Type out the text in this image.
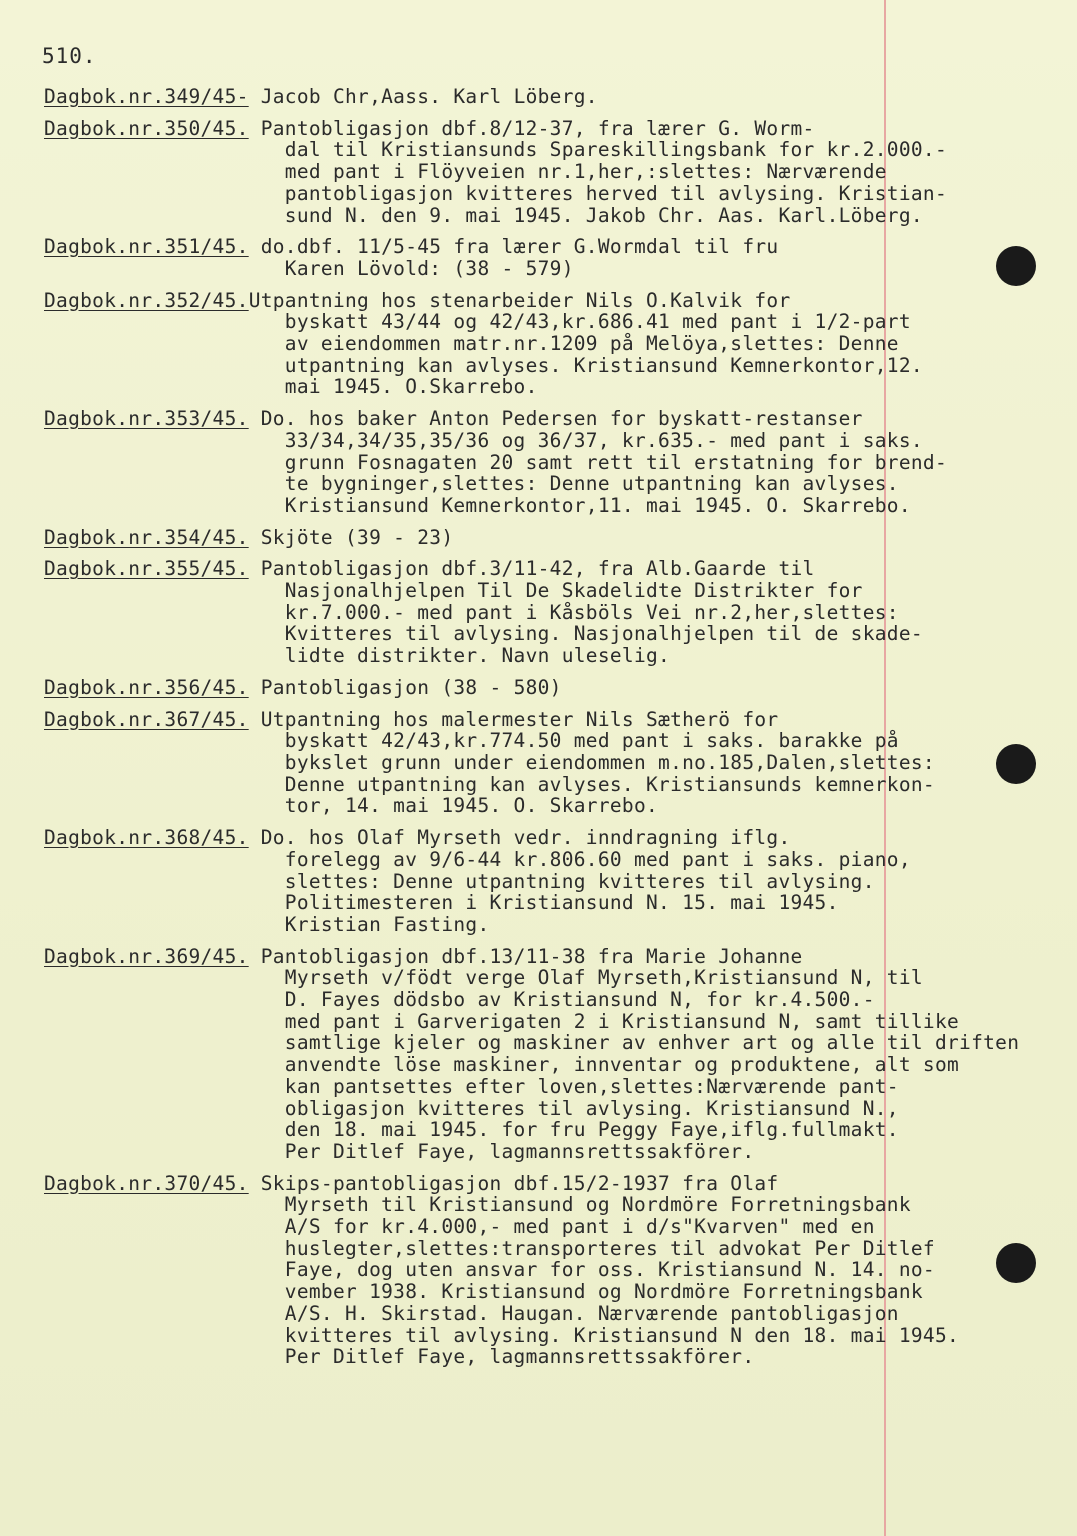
510.
Dagbok.nr.349/45- Jacob Chr,Aass. Karl Löberg.
Dagbok.nr.350/45. Pantobligasjon dbf.8/12-37, fra lærer G. Worm-
dal til Kristiansunds Spareskillingsbank for kr.2.000.-
med pant i Flöyveien nr.1,her,:slettes: Nærværende
pantobligasjon kvitteres herved til avlysing. Kristian-
sund N. den 9. mai 1945. Jakob Chr. Aas. Karl.Löberg.
Dagbok.nr.351/45. do.dbf. 11/5-45 fra lærer G.Wormdal til fru
Karen Lövold: (38 - 579)
Dagbok.nr.352/45.Utpantning hos stenarbeider Nils O.Kalvik for
byskatt 43/44 og 42/43,kr.686.41 med pant i 1/2-part
av eiendommen matr.nr.1209 på Melöya,slettes: Denne
utpantning kan avlyses. Kristiansund Kemnerkontor,12.
mai 1945. O.Skarrebo.
Dagbok.nr.353/45. Do. hos baker Anton Pedersen for byskatt-restanser
33/34,34/35,35/36 og 36/37, kr.635.- med pant i saks.
grunn Fosnagaten 20 samt rett til erstatning for brend-
te bygninger,slettes: Denne utpantning kan avlyses.
Kristiansund Kemnerkontor,11. mai 1945. O. Skarrebo.
Dagbok.nr.354/45. Skjöte (39 - 23)
Dagbok.nr.355/45. Pantobligasjon dbf.3/11-42, fra Alb.Gaarde til
Nasjonalhjelpen Til De Skadelidte Distrikter for
kr.7.000.- med pant i Kåsböls Vei nr.2,her,slettes:
Kvitteres til avlysing. Nasjonalhjelpen til de skade-
lidte distrikter. Navn uleselig.
Dagbok.nr.356/45. Pantobligasjon (38 - 580)
Dagbok.nr.367/45. Utpantning hos malermester Nils Sætherö for
byskatt 42/43,kr.774.50 med pant i saks. barakke på
bykslet grunn under eiendommen m.no.185,Dalen,slettes:
Denne utpantning kan avlyses. Kristiansunds kemnerkon-
tor, 14. mai 1945. O. Skarrebo.
Dagbok.nr.368/45. Do. hos Olaf Myrseth vedr. inndragning iflg.
forelegg av 9/6-44 kr.806.60 med pant i saks. piano,
slettes: Denne utpantning kvitteres til avlysing.
Politimesteren i Kristiansund N. 15. mai 1945.
Kristian Fasting.
Dagbok.nr.369/45. Pantobligasjon dbf.13/11-38 fra Marie Johanne
Myrseth v/födt verge Olaf Myrseth,Kristiansund N, til
D. Fayes dödsbo av Kristiansund N, for kr.4.500.-
med pant i Garverigaten 2 i Kristiansund N, samt tillike
samtlige kjeler og maskiner av enhver art og alle til driften
anvendte löse maskiner, innventar og produktene, alt som
kan pantsettes efter loven,slettes:Nærværende pant-
obligasjon kvitteres til avlysing. Kristiansund N.,
den 18. mai 1945. for fru Peggy Faye,iflg.fullmakt.
Per Ditlef Faye, lagmannsrettssakförer.
Dagbok.nr.370/45. Skips-pantobligasjon dbf.15/2-1937 fra Olaf
Myrseth til Kristiansund og Nordmöre Forretningsbank
A/S for kr.4.000,- med pant i d/s"Kvarven" med en
huslegter,slettes:transporteres til advokat Per Ditlef
Faye, dog uten ansvar for oss. Kristiansund N. 14. no-
vember 1938. Kristiansund og Nordmöre Forretningsbank
A/S. H. Skirstad. Haugan. Nærværende pantobligasjon
kvitteres til avlysing. Kristiansund N den 18. mai 1945.
Per Ditlef Faye, lagmannsrettssakförer.
